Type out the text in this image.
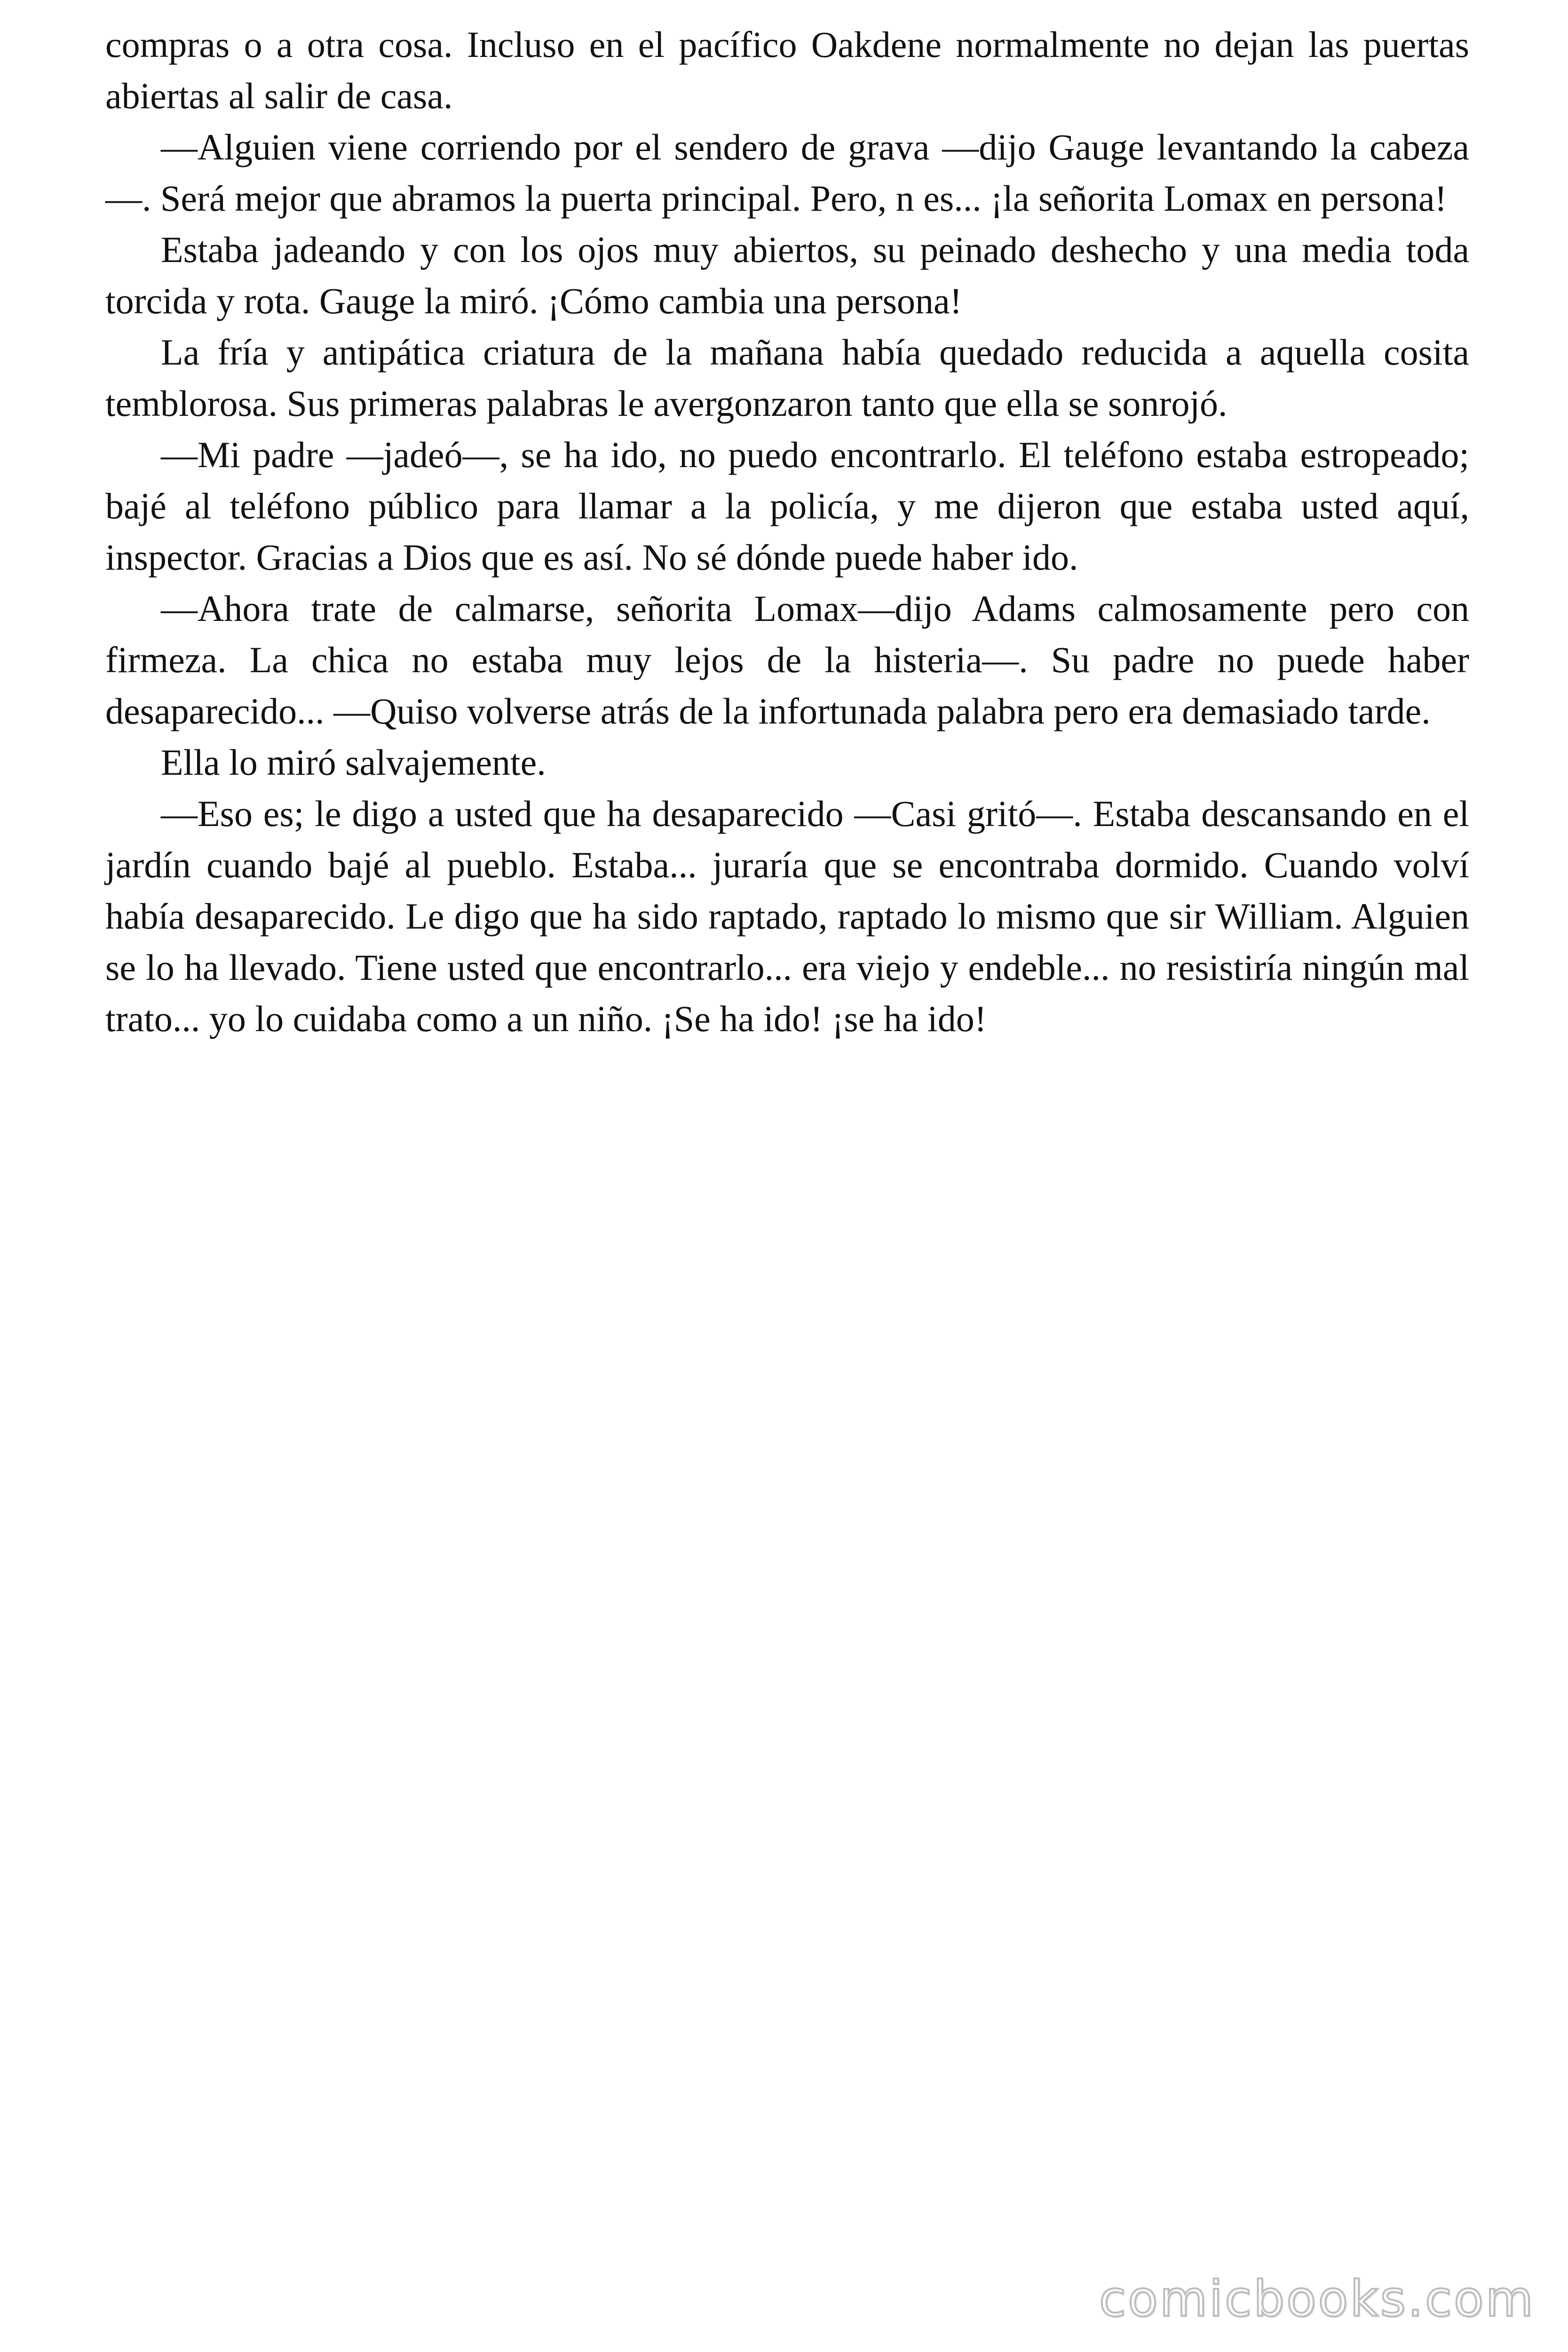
compras o a otra cosa. Incluso en el pacífico Oakdene normalmente no dejan las puertas abiertas al salir de casa.

—Alguien viene corriendo por el sendero de grava —dijo Gauge levantando la cabeza—. Será mejor que abramos la puerta principal. Pero, n es... ¡la señorita Lomax en persona!

Estaba jadeando y con los ojos muy abiertos, su peinado deshecho y una media toda torcida y rota. Gauge la miró. ¡Cómo cambia una persona!

La fría y antipática criatura de la mañana había quedado reducida a aquella cosita temblorosa. Sus primeras palabras le avergonzaron tanto que ella se sonrojó.

—Mi padre —jadeó—, se ha ido, no puedo encontrarlo. El teléfono estaba estropeado; bajé al teléfono público para llamar a la policía, y me dijeron que estaba usted aquí, inspector. Gracias a Dios que es así. No sé dónde puede haber ido.

—Ahora trate de calmarse, señorita Lomax—dijo Adams calmosamente pero con firmeza. La chica no estaba muy lejos de la histeria—. Su padre no puede haber desaparecido... —Quiso volverse atrás de la infortunada palabra pero era demasiado tarde.

Ella lo miró salvajemente.

—Eso es; le digo a usted que ha desaparecido —Casi gritó—. Estaba descansando en el jardín cuando bajé al pueblo. Estaba... juraría que se encontraba dormido. Cuando volví había desaparecido. Le digo que ha sido raptado, raptado lo mismo que sir William. Alguien se lo ha llevado. Tiene usted que encontrarlo... era viejo y endeble... no resistiría ningún mal trato... yo lo cuidaba como a un niño. ¡Se ha ido! ¡se ha ido!

comicbooks.com
